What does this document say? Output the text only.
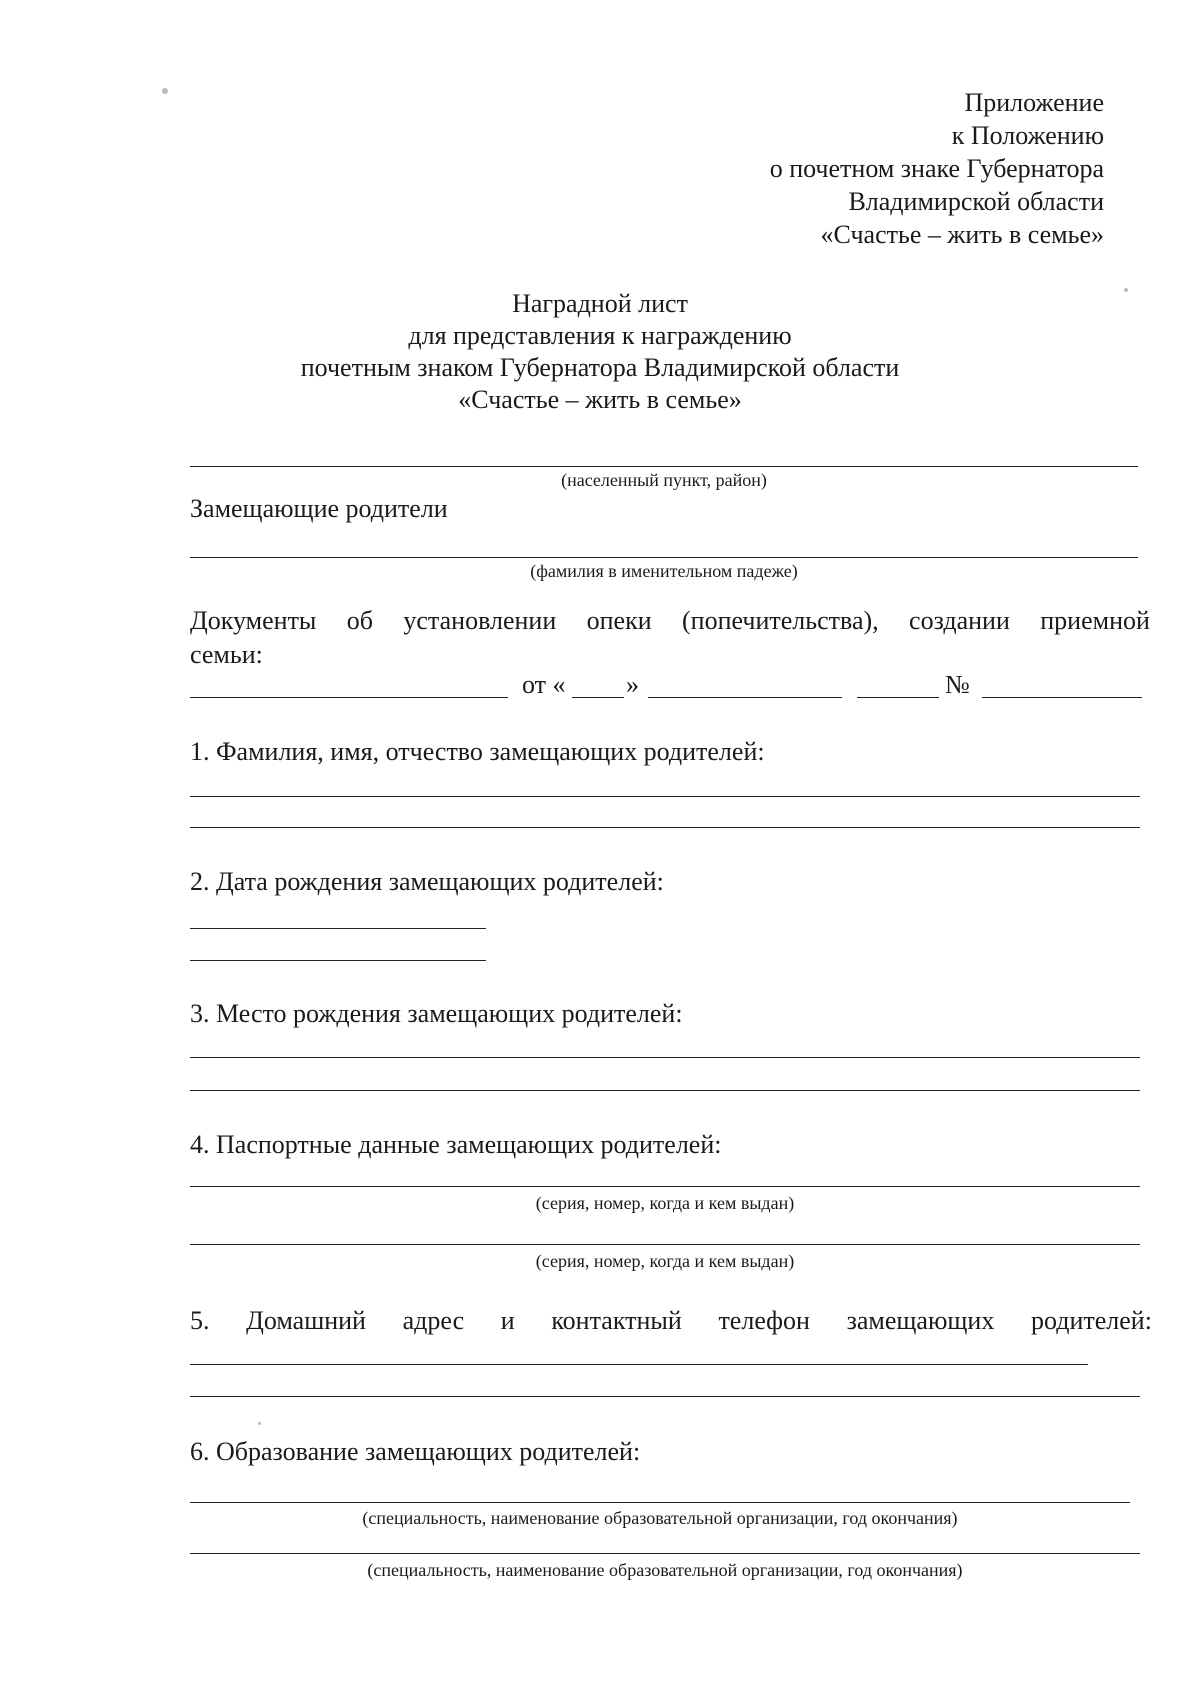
Приложение
к Положению
о почетном знаке Губернатора
Владимирской области
«Счастье – жить в семье»
Наградной лист
для представления к награждению
почетным знаком Губернатора Владимирской области
«Счастье – жить в семье»
(населенный пункт, район)
Замещающие родители
(фамилия в именительном падеже)
Документы об установлении опеки (попечительства), создании приемной
семьи:
от « »	№
1. Фамилия, имя, отчество замещающих родителей:
2. Дата рождения замещающих родителей:
3. Место рождения замещающих родителей:
4. Паспортные данные замещающих родителей:
(серия, номер, когда и кем выдан)
(серия, номер, когда и кем выдан)
5. Домашний адрес и контактный телефон замещающих родителей:
6. Образование замещающих родителей:
(специальность, наименование образовательной организации, год окончания)
(специальность, наименование образовательной организации, год окончания)
